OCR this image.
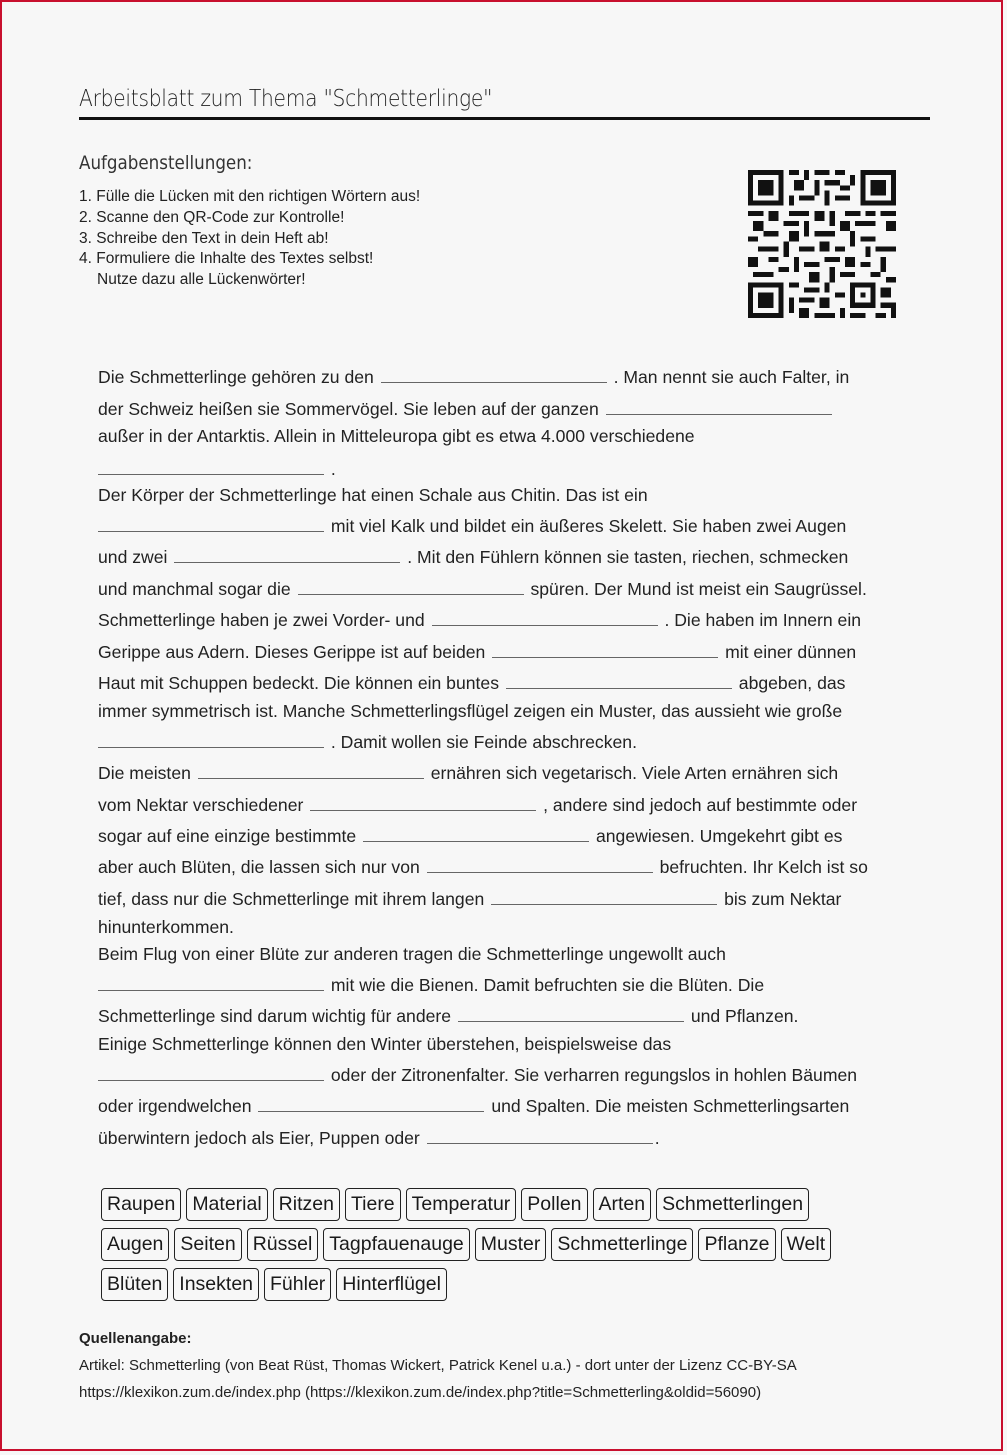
Arbeitsblatt zum Thema "Schmetterlinge"
Aufgabenstellungen:
1. Fülle die Lücken mit den richtigen Wörtern aus!
2. Scanne den QR-Code zur Kontrolle!
3. Schreibe den Text in dein Heft ab!
4. Formuliere die Inhalte des Textes selbst!
Nutze dazu alle Lückenwörter!
Die Schmetterlinge gehören zu den	. Man nennt sie auch Falter, in
der Schweiz heißen sie Sommervögel. Sie leben auf der ganzen
außer in der Antarktis. Allein in Mitteleuropa gibt es etwa 4.000 verschiedene
.
Der Körper der Schmetterlinge hat einen Schale aus Chitin. Das ist ein
mit viel Kalk und bildet ein äußeres Skelett. Sie haben zwei Augen
und zwei	. Mit den Fühlern können sie tasten, riechen, schmecken
und manchmal sogar die	spüren. Der Mund ist meist ein Saugrüssel.
Schmetterlinge haben je zwei Vorder- und	. Die haben im Innern ein
Gerippe aus Adern. Dieses Gerippe ist auf beiden	mit einer dünnen
Haut mit Schuppen bedeckt. Die können ein buntes	abgeben, das
immer symmetrisch ist. Manche Schmetterlingsflügel zeigen ein Muster, das aussieht wie große
. Damit wollen sie Feinde abschrecken.
Die meisten	ernähren sich vegetarisch. Viele Arten ernähren sich
vom Nektar verschiedener	, andere sind jedoch auf bestimmte oder
sogar auf eine einzige bestimmte	angewiesen. Umgekehrt gibt es
aber auch Blüten, die lassen sich nur von	befruchten. Ihr Kelch ist so
tief, dass nur die Schmetterlinge mit ihrem langen	bis zum Nektar
hinunterkommen.
Beim Flug von einer Blüte zur anderen tragen die Schmetterlinge ungewollt auch
mit wie die Bienen. Damit befruchten sie die Blüten. Die
Schmetterlinge sind darum wichtig für andere	und Pflanzen.
Einige Schmetterlinge können den Winter überstehen, beispielsweise das
oder der Zitronenfalter. Sie verharren regungslos in hohlen Bäumen
oder irgendwelchen	und Spalten. Die meisten Schmetterlingsarten
überwintern jedoch als Eier, Puppen oder	.
Raupen Material Ritzen Tiere Temperatur Pollen Arten Schmetterlingen
Augen Seiten Rüssel Tagpfauenauge Muster Schmetterlinge Pflanze Welt
Blüten Insekten Fühler Hinterflügel
Quellenangabe:
Artikel: Schmetterling (von Beat Rüst, Thomas Wickert, Patrick Kenel u.a.) - dort unter der Lizenz CC-BY-SA
https://klexikon.zum.de/index.php (https://klexikon.zum.de/index.php?title=Schmetterling&oldid=56090)
